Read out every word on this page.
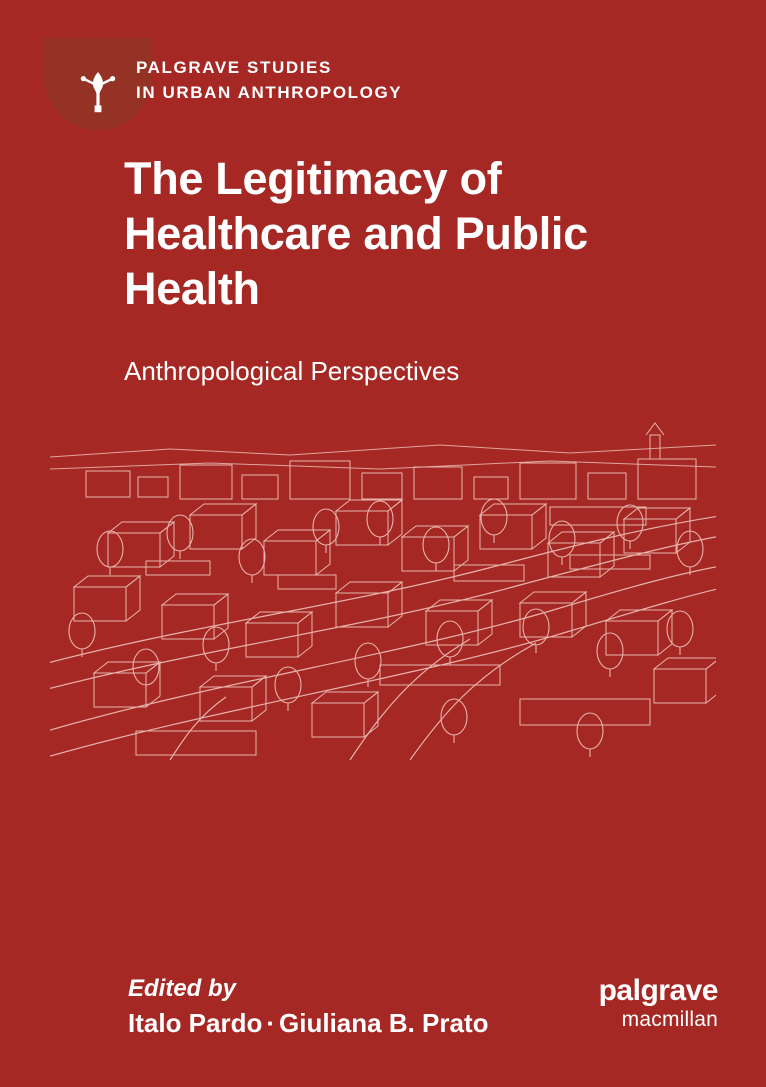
PALGRAVE STUDIES
IN URBAN ANTHROPOLOGY
The Legitimacy of Healthcare and Public Health
Anthropological Perspectives
Edited by
Italo Pardo · Giuliana B. Prato
palgrave
macmillan
